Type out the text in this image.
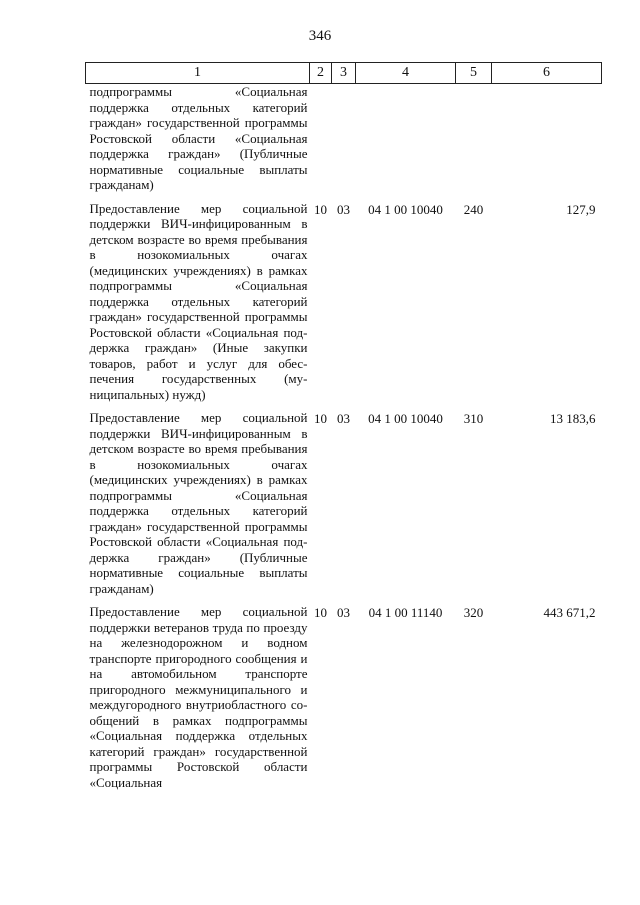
346
1	2	3	4	5	6
подпрограммы «Социальная поддержка отдельных категорий граждан» государственной программы Ростовской области «Социальная поддержка граждан» (Публичные нормативные социальные выплаты гражданам)					
Предоставление мер социальной поддержки ВИЧ-инфицированным в детском возрасте во время пребывания в нозокомиальных очагах (медицинских учреждениях) в рамках подпрограммы «Социальная поддержка отдельных категорий граждан» государственной программы Ростовской области «Социальная поддержка граждан» (Иные закупки товаров, работ и услуг для обеспечения государственных (муниципальных) нужд)	10	03	04 1 00 10040	240	127,9
Предоставление мер социальной поддержки ВИЧ-инфицированным в детском возрасте во время пребывания в нозокомиальных очагах (медицинских учреждениях) в рамках подпрограммы «Социальная поддержка отдельных категорий граждан» государственной программы Ростовской области «Социальная поддержка граждан» (Публичные нормативные социальные выплаты гражданам)	10	03	04 1 00 10040	310	13 183,6
Предоставление мер социальной поддержки ветеранов труда по проезду на железнодорожном и водном транспорте пригородного сообщения и на автомобильном транспорте пригородного межмуниципального и междугородного внутриобластного сообщений в рамках подпрограммы «Социальная поддержка отдельных категорий граждан» государственной программы Ростовской области «Социальная	10	03	04 1 00 11140	320	443 671,2
